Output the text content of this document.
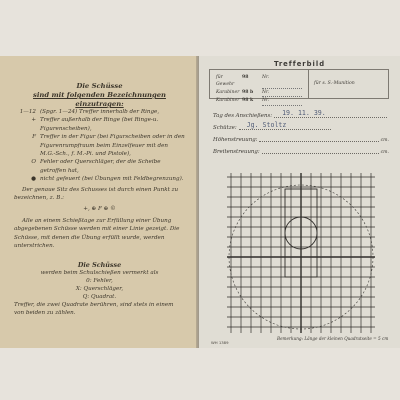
Die Schüsse
sind mit folgenden Bezeichnungen einzutragen:
1—12 (Spgr. 1—24) Treffer innerhalb der Ringe,
+ Treffer außerhalb der Ringe (bei Ringe-u. Figurenscheiben),
F Treffer in der Figur (bei Figurscheiben oder in den Figurenrumpfraum beim Einzelfeuer mit den M.G.-Sch., f. M.-Pi. und Pistole),
O Fehler oder Querschläger, der die Scheibe getroffen hat,
● nicht gefeuert (bei Übungen mit Feldbegrenzung).
Der genaue Sitz des Schusses ist durch einen Punkt zu bezeichnen, z. B.:
+, ⊕ F ⊕ ©
Alle an einem Schießtage zur Erfüllung einer Übung abgegebenen Schüsse werden mit einer Linie gezeigt. Die Schüsse, mit denen die Übung erfüllt wurde, werden unterstrichen.
Die Schüsse
werden beim Schulschießen vermerkt als
0: Fehler,
X: Querschläger,
Q: Quadrat.
Treffer, die zwei Quadrate berühren, sind stets in einem
von beiden zu zählen.
Trefferbild
für Gewehr
98	Nr.
Karabiner 98 b	Nr.
Karabiner 98 k	Nr.
für s. S.-Munition
Tag des Anschießens:	19. 11. 39.
Schütze:	Jg. Stoltz
Höhenstreuung:	cm.
Breitenstreuung:	cm.
Bemerkung: Länge der kleinen Quadratseite = 5 cm
WH 1389
